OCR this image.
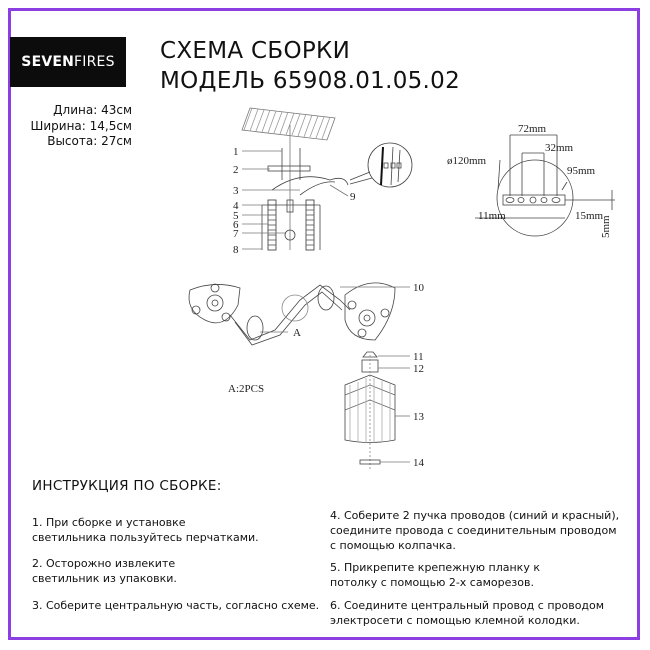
SEVEN FIRES СХЕМА СБОРКИ
МОДЕЛЬ 65908.01.05.02
Длина: 43см
Ширина: 14,5см
Высота: 27см
1
2
3
4
5
6
7
8
9
72mm
32mm
ø120mm
95mm
11mm	15mm
5mm
10
A
A:2PCS
11
12
13
14
ИНСТРУКЦИЯ ПО СБОРКЕ:
1. При сборке и установке
светильника пользуйтесь перчатками.
2. Осторожно извлеките
светильник из упаковки.
3. Соберите центральную часть, согласно схеме.
4. Соберите 2 пучка проводов (синий и красный),
соедините провода с соединительным проводом
с помощью колпачка.
5. Прикрепите крепежную планку к
потолку с помощью 2-х саморезов.
6. Соедините центральный провод с проводом
электросети с помощью клемной колодки.
